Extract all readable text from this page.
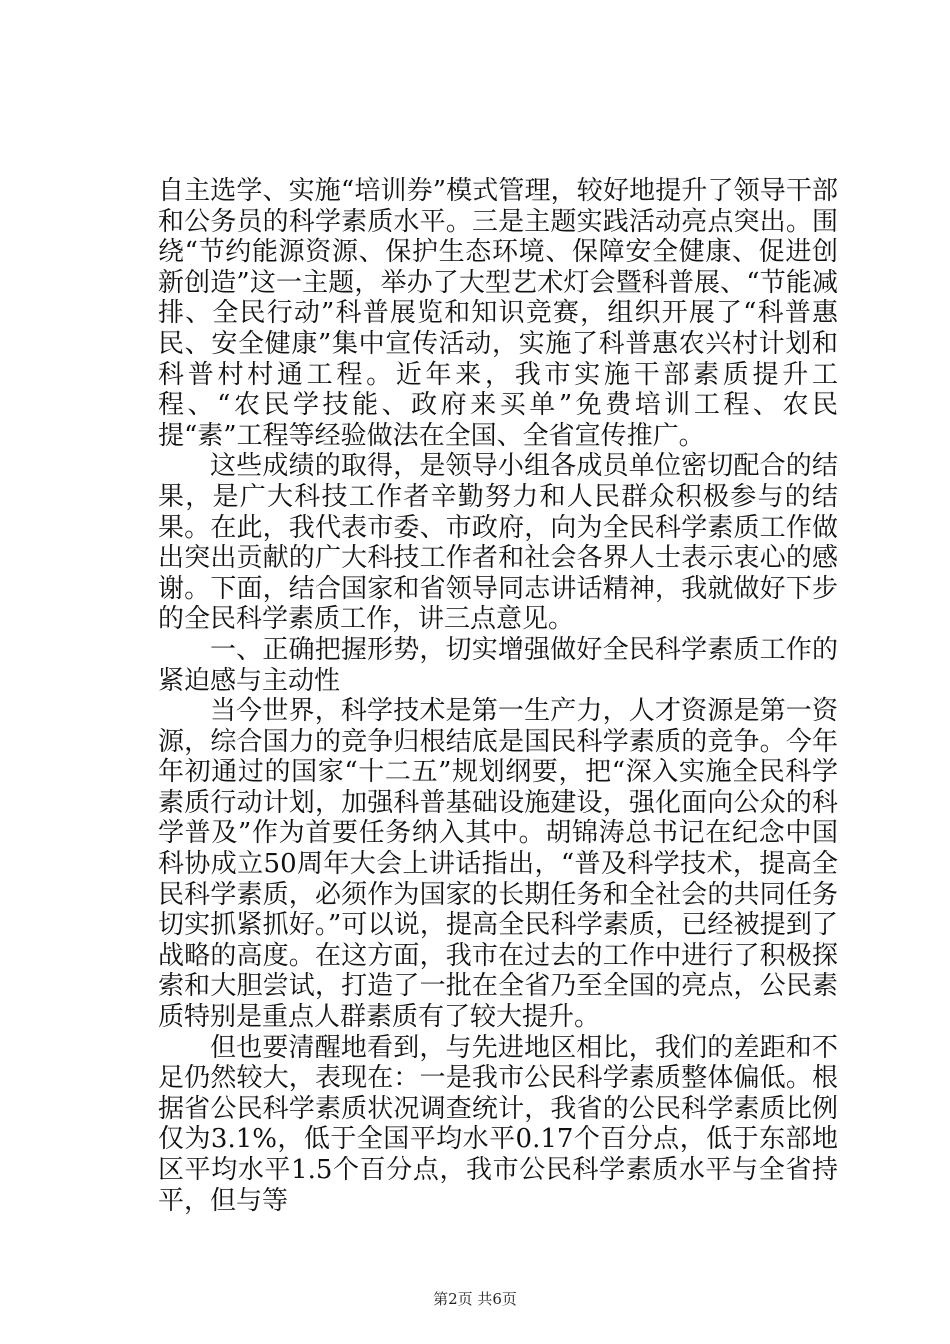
自主选学、实施“培训券”模式管理，较好地提升了领导干部和公务员的科学素质水平。三是主题实践活动亮点突出。围绕“节约能源资源、保护生态环境、保障安全健康、促进创新创造”这一主题，举办了大型艺术灯会暨科普展、“节能减排、全民行动”科普展览和知识竞赛，组织开展了“科普惠民、安全健康”集中宣传活动，实施了科普惠农兴村计划和科普村村通工程。近年来，我市实施干部素质提升工程、“农民学技能、政府来买单”免费培训工程、农民提“素”工程等经验做法在全国、全省宣传推广。

这些成绩的取得，是领导小组各成员单位密切配合的结果，是广大科技工作者辛勤努力和人民群众积极参与的结果。在此，我代表市委、市政府，向为全民科学素质工作做出突出贡献的广大科技工作者和社会各界人士表示衷心的感谢。下面，结合国家和省领导同志讲话精神，我就做好下步的全民科学素质工作，讲三点意见。

一、正确把握形势，切实增强做好全民科学素质工作的紧迫感与主动性

当今世界，科学技术是第一生产力，人才资源是第一资源，综合国力的竞争归根结底是国民科学素质的竞争。今年年初通过的国家“十二五”规划纲要，把“深入实施全民科学素质行动计划，加强科普基础设施建设，强化面向公众的科学普及”作为首要任务纳入其中。胡锦涛总书记在纪念中国科协成立50周年大会上讲话指出，“普及科学技术，提高全民科学素质，必须作为国家的长期任务和全社会的共同任务切实抓紧抓好。”可以说，提高全民科学素质，已经被提到了战略的高度。在这方面，我市在过去的工作中进行了积极探索和大胆尝试，打造了一批在全省乃至全国的亮点，公民素质特别是重点人群素质有了较大提升。

但也要清醒地看到，与先进地区相比，我们的差距和不足仍然较大，表现在：一是我市公民科学素质整体偏低。根据省公民科学素质状况调查统计，我省的公民科学素质比例仅为3.1%，低于全国平均水平0.17个百分点，低于东部地区平均水平1.5个百分点，我市公民科学素质水平与全省持平，但与等

第2页 共6页
